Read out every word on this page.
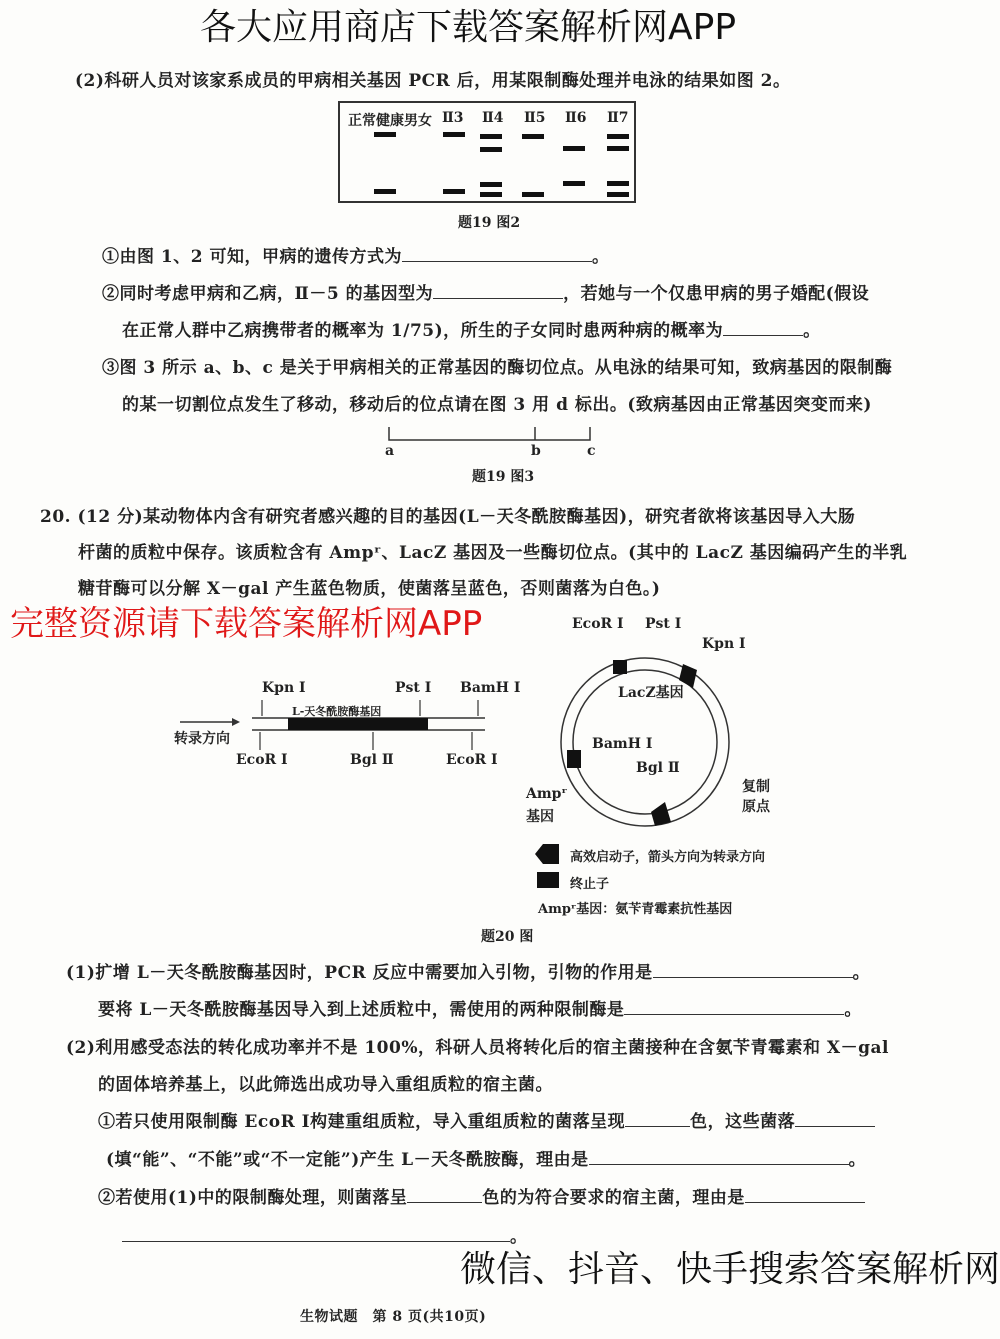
各大应用商店下载答案解析网APP
(2)科研人员对该家系成员的甲病相关基因 PCR 后，用某限制酶处理并电泳的结果如图 2。
正常健康男女 Ⅱ3 Ⅱ4 Ⅱ5 Ⅱ6 Ⅱ7
题19 图2
①由图 1、2 可知，甲病的遗传方式为	。
②同时考虑甲病和乙病，Ⅱ－5 的基因型为	，若她与一个仅患甲病的男子婚配(假设
在正常人群中乙病携带者的概率为 1/75)，所生的子女同时患两种病的概率为	。
③图 3 所示 a、b、c 是关于甲病相关的正常基因的酶切位点。从电泳的结果可知，致病基因的限制酶
的某一切割位点发生了移动，移动后的位点请在图 3 用 d 标出。(致病基因由正常基因突变而来)
a	b	c
题19 图3
20. (12 分)某动物体内含有研究者感兴趣的目的基因(L－天冬酰胺酶基因)，研究者欲将该基因导入大肠
杆菌的质粒中保存。该质粒含有 Ampʳ、LacZ 基因及一些酶切位点。(其中的 LacZ 基因编码产生的半乳
糖苷酶可以分解 X－gal 产生蓝色物质，使菌落呈蓝色，否则菌落为白色。)
完整资源请下载答案解析网APP
Kpn Ⅰ	Pst Ⅰ BamH Ⅰ
L-天冬酰胺酶基因
转录方向
EcoR Ⅰ	Bgl Ⅱ	EcoR Ⅰ
EcoR Ⅰ Pst Ⅰ
Kpn Ⅰ
LacZ基因
BamH Ⅰ
Bgl Ⅱ
Ampʳ
基因
复制
原点
高效启动子，箭头方向为转录方向
终止子
Ampʳ基因：氨苄青霉素抗性基因
题20 图
(1)扩增 L－天冬酰胺酶基因时，PCR 反应中需要加入引物，引物的作用是	。
要将 L－天冬酰胺酶基因导入到上述质粒中，需使用的两种限制酶是	。
(2)利用感受态法的转化成功率并不是 100%，科研人员将转化后的宿主菌接种在含氨苄青霉素和 X－gal
的固体培养基上，以此筛选出成功导入重组质粒的宿主菌。
①若只使用限制酶 EcoR Ⅰ构建重组质粒，导入重组质粒的菌落呈现	色，这些菌落
(填“能”、“不能”或“不一定能”)产生 L－天冬酰胺酶，理由是	。
②若使用(1)中的限制酶处理，则菌落呈	色的为符合要求的宿主菌，理由是
。
微信、抖音、快手搜索答案解析网
生物试题　第 8 页(共10页)
